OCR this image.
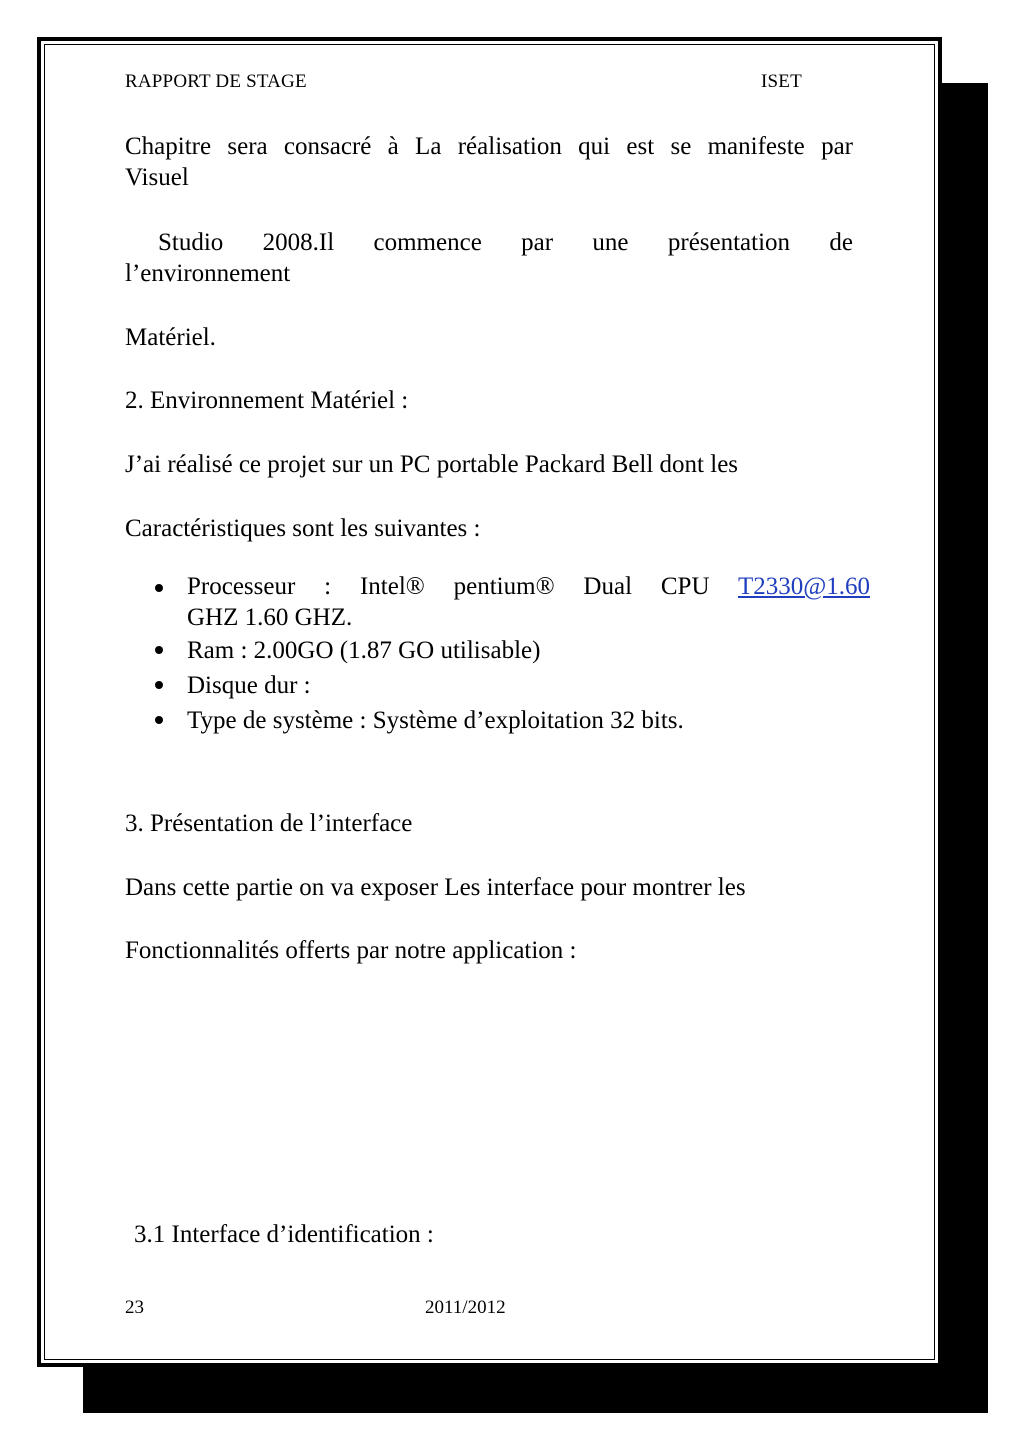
RAPPORT DE STAGE	ISET
Chapitre sera consacré à La réalisation qui est se manifeste par
Visuel
Studio 2008.Il commence par une présentation de
l’environnement
Matériel.
2. Environnement Matériel :
J’ai réalisé ce projet sur un PC portable Packard Bell dont les
Caractéristiques sont les suivantes :
Processeur : Intel® pentium® Dual CPU T2330@1.60
GHZ 1.60 GHZ.
Ram : 2.00GO (1.87 GO utilisable)
Disque dur :
Type de système : Système d’exploitation 32 bits.
3. Présentation de l’interface
Dans cette partie on va exposer Les interface pour montrer les
Fonctionnalités offerts par notre application :
3.1 Interface d’identification :
23	2011/2012
